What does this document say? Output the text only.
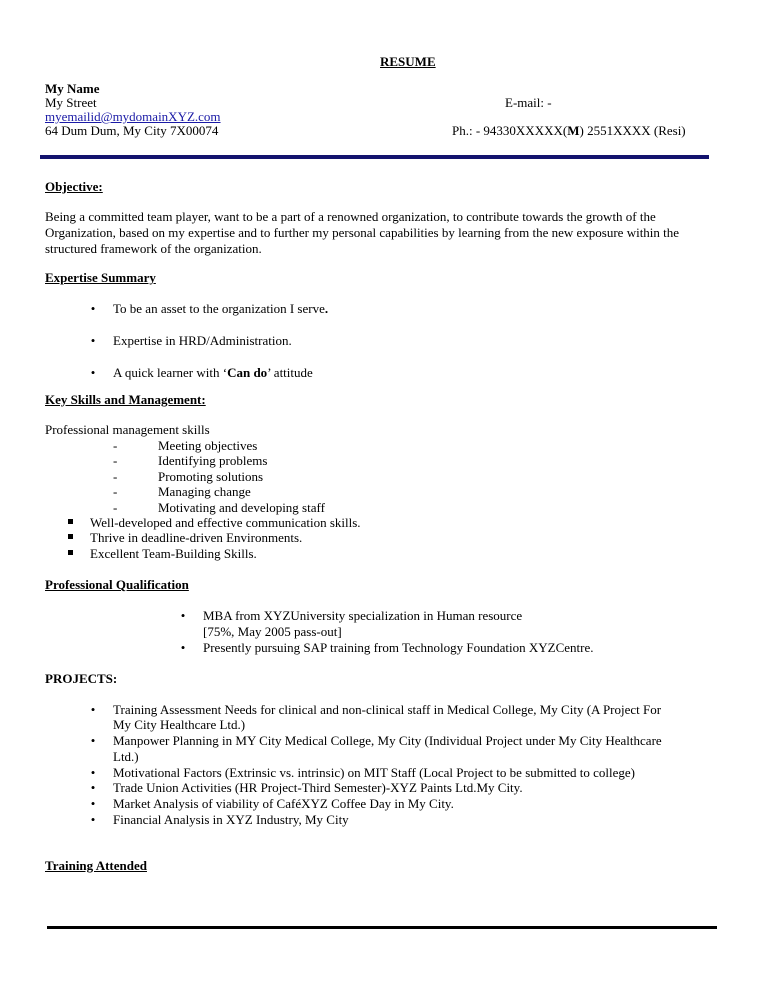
RESUME
My Name
My Street
myemailid@mydomainXYZ.com
64 Dum Dum, My City 7X00074
E-mail: -
Ph.: - 94330XXXXX(M) 2551XXXX (Resi)
Objective:
Being a committed team player, want to be a part of a renowned organization, to contribute towards the growth of the
Organization, based on my expertise and to further my personal capabilities by learning from the new exposure within the
structured framework of the organization.
Expertise Summary
• To be an asset to the organization I serve.
• Expertise in HRD/Administration.
• A quick learner with ‘Can do’ attitude
Key Skills and Management:
Professional management skills
-	Meeting objectives
-	Identifying problems
-	Promoting solutions
-	Managing change
-	Motivating and developing staff
Well-developed and effective communication skills.
Thrive in deadline-driven Environments.
Excellent Team-Building Skills.
Professional Qualification
• MBA from XYZUniversity specialization in Human resource
[75%, May 2005 pass-out]
• Presently pursuing SAP training from Technology Foundation XYZCentre.
PROJECTS:
• Training Assessment Needs for clinical and non-clinical staff in Medical College, My City (A Project For
My City Healthcare Ltd.)
• Manpower Planning in MY City Medical College, My City (Individual Project under My City Healthcare
Ltd.)
• Motivational Factors (Extrinsic vs. intrinsic) on MIT Staff (Local Project to be submitted to college)
• Trade Union Activities (HR Project-Third Semester)-XYZ Paints Ltd.My City.
• Market Analysis of viability of CaféXYZ Coffee Day in My City.
• Financial Analysis in XYZ Industry, My City
Training Attended
